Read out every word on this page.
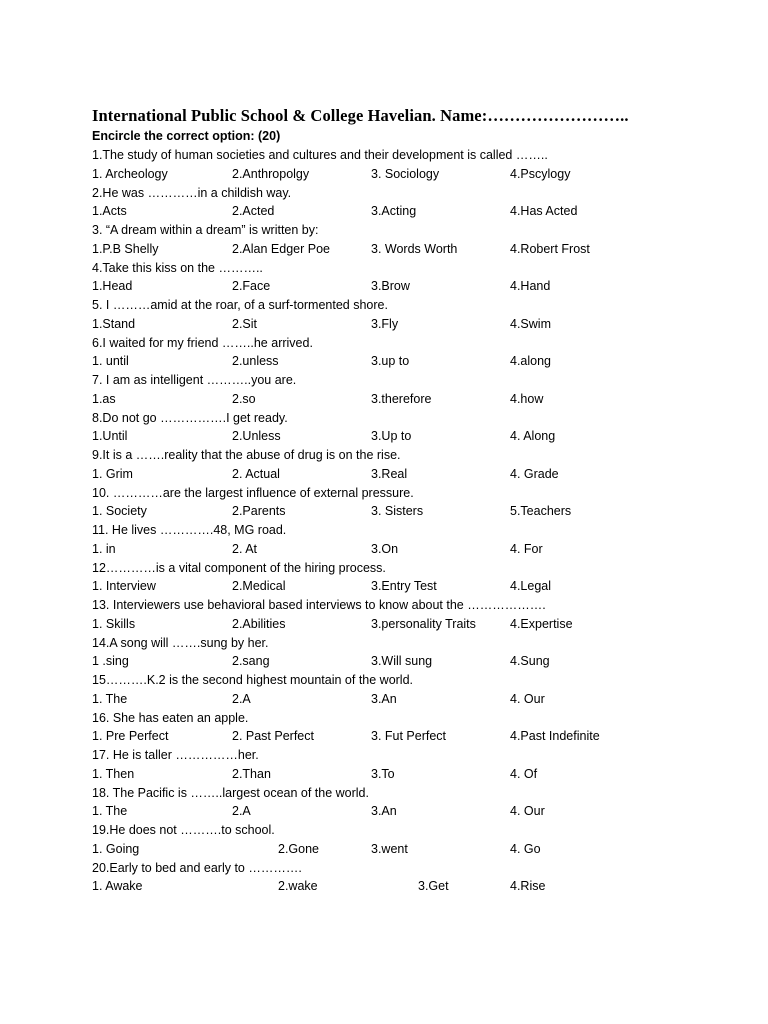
International Public School & College Havelian. Name:……………………..
Encircle the correct option: (20)
1.The study of human societies and cultures and their development is called ……..
1. Archeology	2.Anthropolgy	3. Sociology	4.Pscylogy
2.He was …………in a childish way.
1.Acts	2.Acted	3.Acting	4.Has Acted
3. “A dream within a dream” is written by:
1.P.B Shelly	2.Alan Edger Poe	3. Words Worth	4.Robert Frost
4.Take this kiss on the ………..
1.Head	2.Face	3.Brow	4.Hand
5. I ………amid at the roar, of a surf-tormented shore.
1.Stand	2.Sit	3.Fly	4.Swim
6.I waited for my friend ……..he arrived.
1. until	2.unless	3.up to	4.along
7. I am as intelligent ………..you are.
1.as	2.so	3.therefore	4.how
8.Do not go …………….I get ready.
1.Until	2.Unless	3.Up to	4. Along
9.It is a …….reality that the abuse of drug is on the rise.
1. Grim	2. Actual	3.Real	4. Grade
10. …………are the largest influence of external pressure.
1. Society	2.Parents	3. Sisters	5.Teachers
11. He lives ………….48, MG road.
1. in	2. At	3.On	4. For
12…………is a vital component of the hiring process.
1. Interview	2.Medical	3.Entry Test	4.Legal
13. Interviewers use behavioral based interviews to know about the ……………….
1. Skills	2.Abilities	3.personality Traits	4.Expertise
14.A song will …….sung by her.
1 .sing	2.sang	3.Will sung	4.Sung
15……….K.2 is the second highest mountain of the world.
1. The	2.A	3.An	4. Our
16. She has eaten an apple.
1. Pre Perfect	2. Past Perfect	3. Fut Perfect	4.Past Indefinite
17. He is taller ……………her.
1. Then	2.Than	3.To	4. Of
18. The Pacific is ……..largest ocean of the world.
1. The	2.A	3.An	4. Our
19.He does not ……….to school.
1. Going	2.Gone	3.went	4. Go
20.Early to bed and early to ………….
1. Awake	2.wake	3.Get	4.Rise
